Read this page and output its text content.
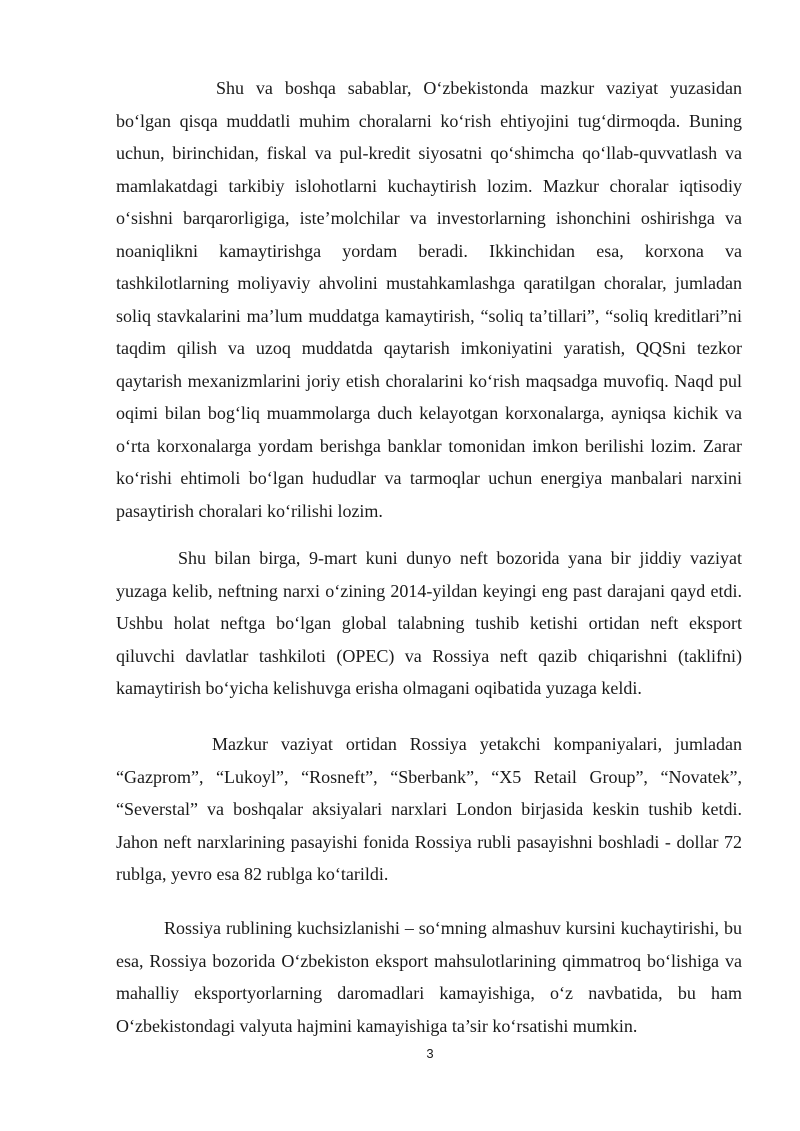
Shu va boshqa sabablar, O‘zbekistonda mazkur vaziyat yuzasidan bo‘lgan qisqa muddatli muhim choralarni ko‘rish ehtiyojini tug‘dirmoqda. Buning uchun, birinchidan, fiskal va pul-kredit siyosatni qo‘shimcha qo‘llab-quvvatlash va mamlakatdagi tarkibiy islohotlarni kuchaytirish lozim. Mazkur choralar iqtisodiy o‘sishni barqarorligiga, iste’molchilar va investorlarning ishonchini oshirishga va noaniqlikni kamaytirishga yordam beradi. Ikkinchidan esa, korxona va tashkilotlarning moliyaviy ahvolini mustahkamlashga qaratilgan choralar, jumladan soliq stavkalarini ma’lum muddatga kamaytirish, “soliq ta’tillari”, “soliq kreditlari”ni taqdim qilish va uzoq muddatda qaytarish imkoniyatini yaratish, QQSni tezkor qaytarish mexanizmlarini joriy etish choralarini ko‘rish maqsadga muvofiq. Naqd pul oqimi bilan bog‘liq muammolarga duch kelayotgan korxonalarga, ayniqsa kichik va o‘rta korxonalarga yordam berishga banklar tomonidan imkon berilishi lozim. Zarar ko‘rishi ehtimoli bo‘lgan hududlar va tarmoqlar uchun energiya manbalari narxini pasaytirish choralari ko‘rilishi lozim.

Shu bilan birga, 9-mart kuni dunyo neft bozorida yana bir jiddiy vaziyat yuzaga kelib, neftning narxi o‘zining 2014-yildan keyingi eng past darajani qayd etdi. Ushbu holat neftga bo‘lgan global talabning tushib ketishi ortidan neft eksport qiluvchi davlatlar tashkiloti (OPEC) va Rossiya neft qazib chiqarishni (taklifni) kamaytirish bo‘yicha kelishuvga erisha olmagani oqibatida yuzaga keldi.

Mazkur vaziyat ortidan Rossiya yetakchi kompaniyalari, jumladan “Gazprom”, “Lukoyl”, “Rosneft”, “Sberbank”, “X5 Retail Group”, “Novatek”, “Severstal” va boshqalar aksiyalari narxlari London birjasida keskin tushib ketdi. Jahon neft narxlarining pasayishi fonida Rossiya rubli pasayishni boshladi - dollar 72 rublga, yevro esa 82 rublga ko‘tarildi.

Rossiya rublining kuchsizlanishi – so‘mning almashuv kursini kuchaytirishi, bu esa, Rossiya bozorida O‘zbekiston eksport mahsulotlarining qimmatroq bo‘lishiga va mahalliy eksportyorlarning daromadlari kamayishiga, o‘z navbatida, bu ham O‘zbekistondagi valyuta hajmini kamayishiga ta’sir ko‘rsatishi mumkin.

3
